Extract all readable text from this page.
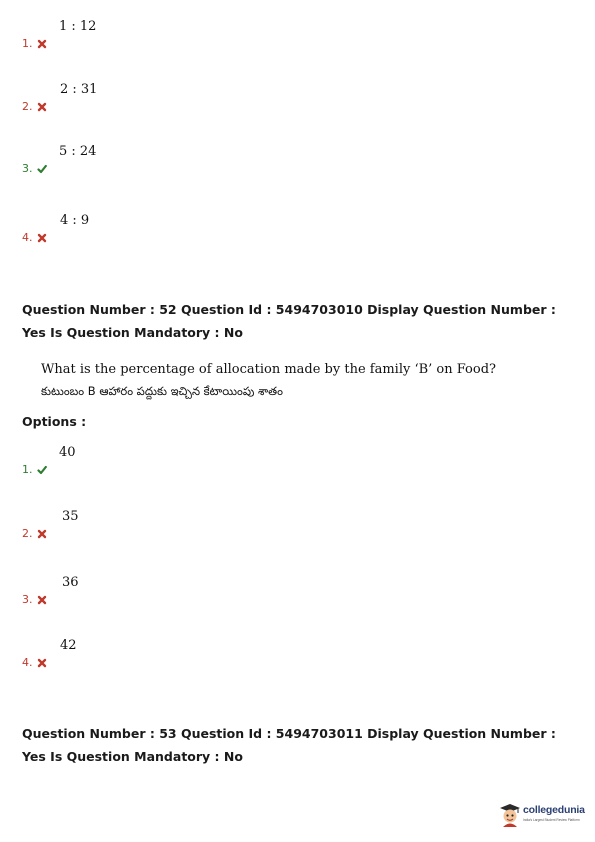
1.
1 : 12
2.
2 : 31
3.
5 : 24
4.
4 : 9
Question Number : 52 Question Id : 5494703010 Display Question Number : Yes Is Question Mandatory : No
What is the percentage of allocation made by the family ‘B’ on Food?
కుటుంబం B ఆహారం పద్దుకు ఇచ్చిన కేటాయింపు శాతం
Options :
1.
40
2.
35
3.
36
4.
42
Question Number : 53 Question Id : 5494703011 Display Question Number : Yes Is Question Mandatory : No
collegedunia
India's Largest Student Review Platform
